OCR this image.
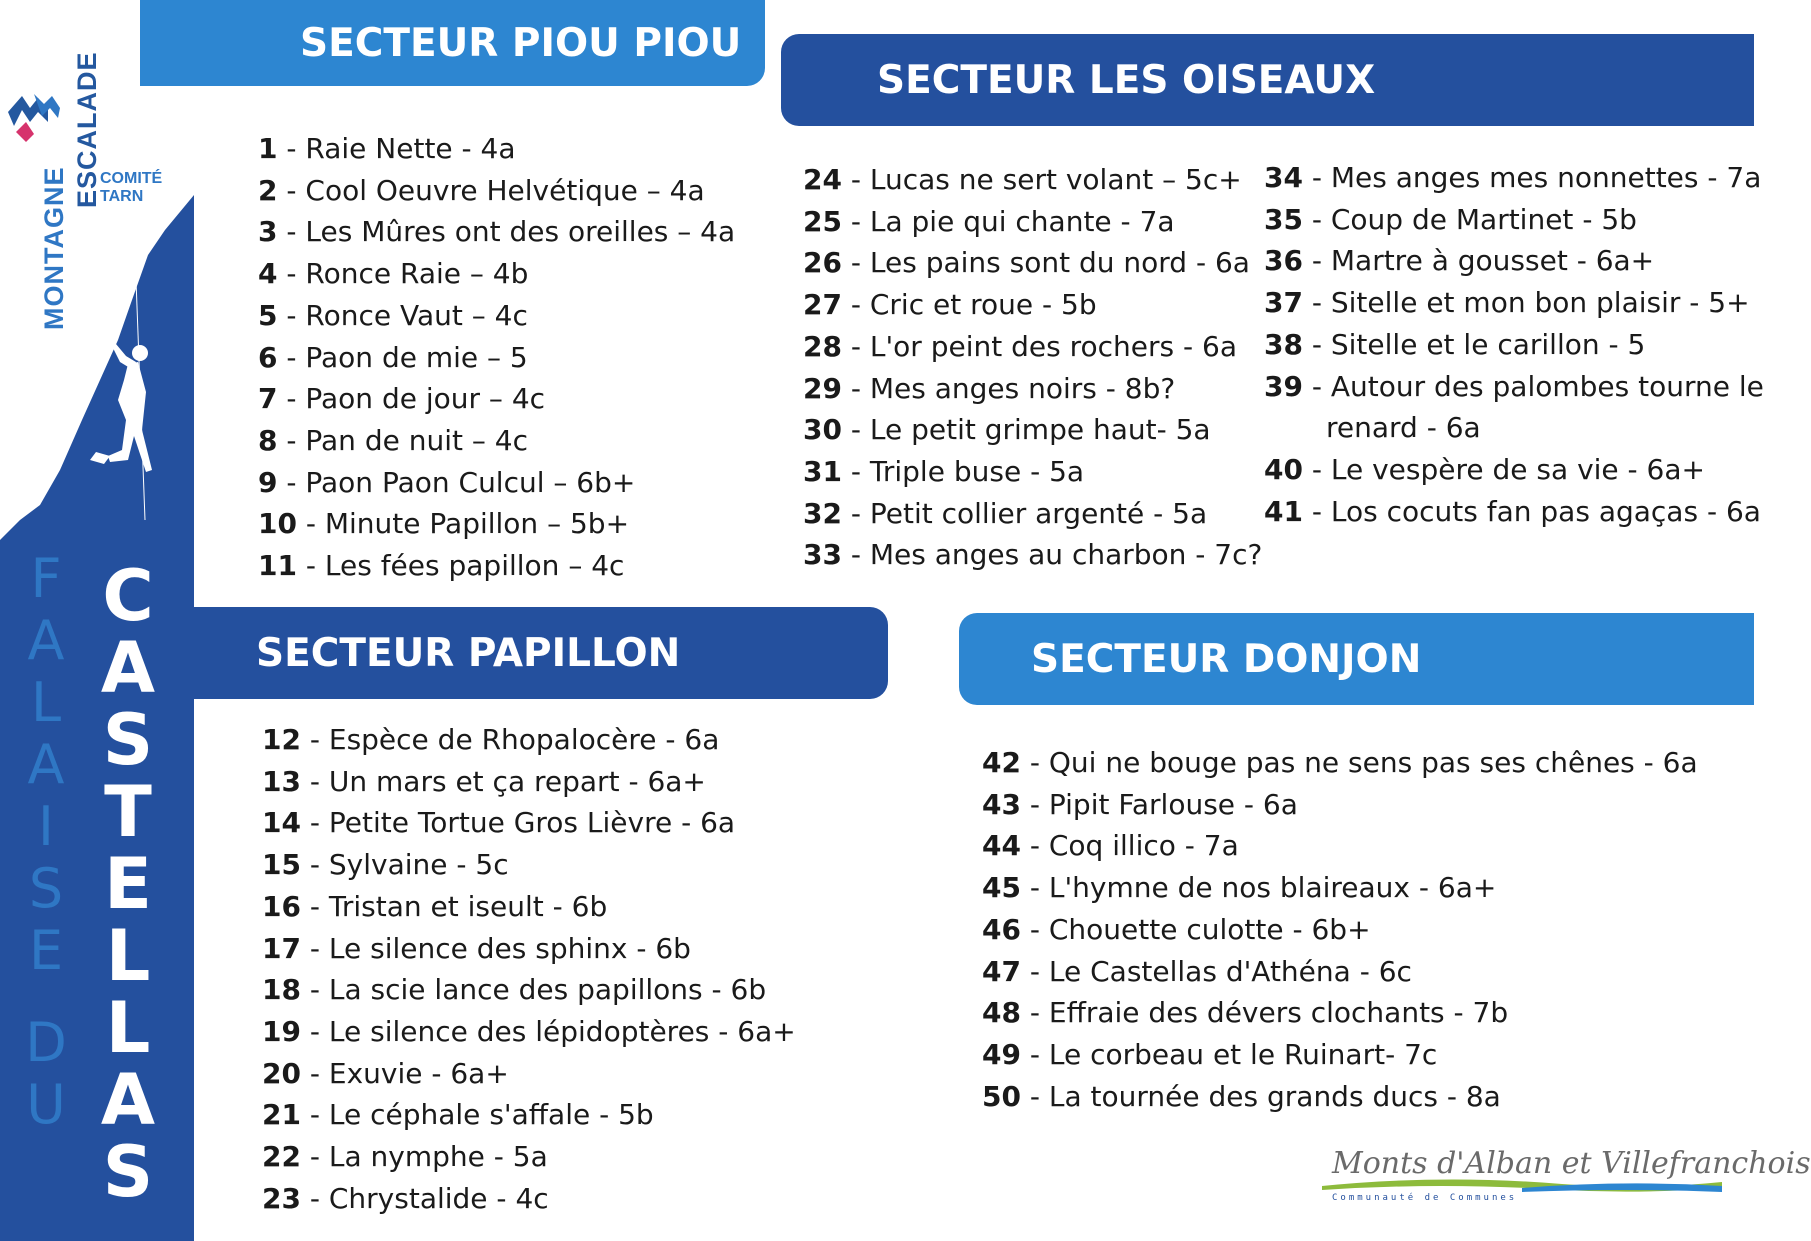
ESCALADE
MONTAGNE COMITÉ
TARN
F
A
L
A
I
S
E
D
U
C
A
S
T
E
L
L
A
S
SECTEUR PIOU PIOU
SECTEUR LES OISEAUX
SECTEUR PAPILLON	SECTEUR DONJON
1 - Raie Nette - 4a
2 - Cool Oeuvre Helvétique – 4a
3 - Les Mûres ont des oreilles – 4a
4 - Ronce Raie – 4b
5 - Ronce Vaut – 4c
6 - Paon de mie – 5
7 - Paon de jour – 4c
8 - Pan de nuit – 4c
9 - Paon Paon Culcul – 6b+
10 - Minute Papillon – 5b+
11 - Les fées papillon – 4c
24 - Lucas ne sert volant – 5c+
25 - La pie qui chante - 7a
26 - Les pains sont du nord - 6a
27 - Cric et roue - 5b
28 - L'or peint des rochers - 6a
29 - Mes anges noirs - 8b?
30 - Le petit grimpe haut- 5a
31 - Triple buse - 5a
32 - Petit collier argenté - 5a
33 - Mes anges au charbon - 7c?
34 - Mes anges mes nonnettes - 7a
35 - Coup de Martinet - 5b
36 - Martre à gousset - 6a+
37 - Sitelle et mon bon plaisir - 5+
38 - Sitelle et le carillon - 5
39 - Autour des palombes tourne le
renard - 6a
40 - Le vespère de sa vie - 6a+
41 - Los cocuts fan pas agaças - 6a
12 - Espèce de Rhopalocère - 6a
13 - Un mars et ça repart - 6a+
14 - Petite Tortue Gros Lièvre - 6a
15 - Sylvaine - 5c
16 - Tristan et iseult - 6b
17 - Le silence des sphinx - 6b
18 - La scie lance des papillons - 6b
19 - Le silence des lépidoptères - 6a+
20 - Exuvie - 6a+
21 - Le céphale s'affale - 5b
22 - La nymphe - 5a
23 - Chrystalide - 4c
42 - Qui ne bouge pas ne sens pas ses chênes - 6a
43 - Pipit Farlouse - 6a
44 - Coq illico - 7a
45 - L'hymne de nos blaireaux - 6a+
46 - Chouette culotte - 6b+
47 - Le Castellas d'Athéna - 6c
48 - Effraie des dévers clochants - 7b
49 - Le corbeau et le Ruinart- 7c
50 - La tournée des grands ducs - 8a
Monts d'Alban et Villefranchois
Communauté de Communes
